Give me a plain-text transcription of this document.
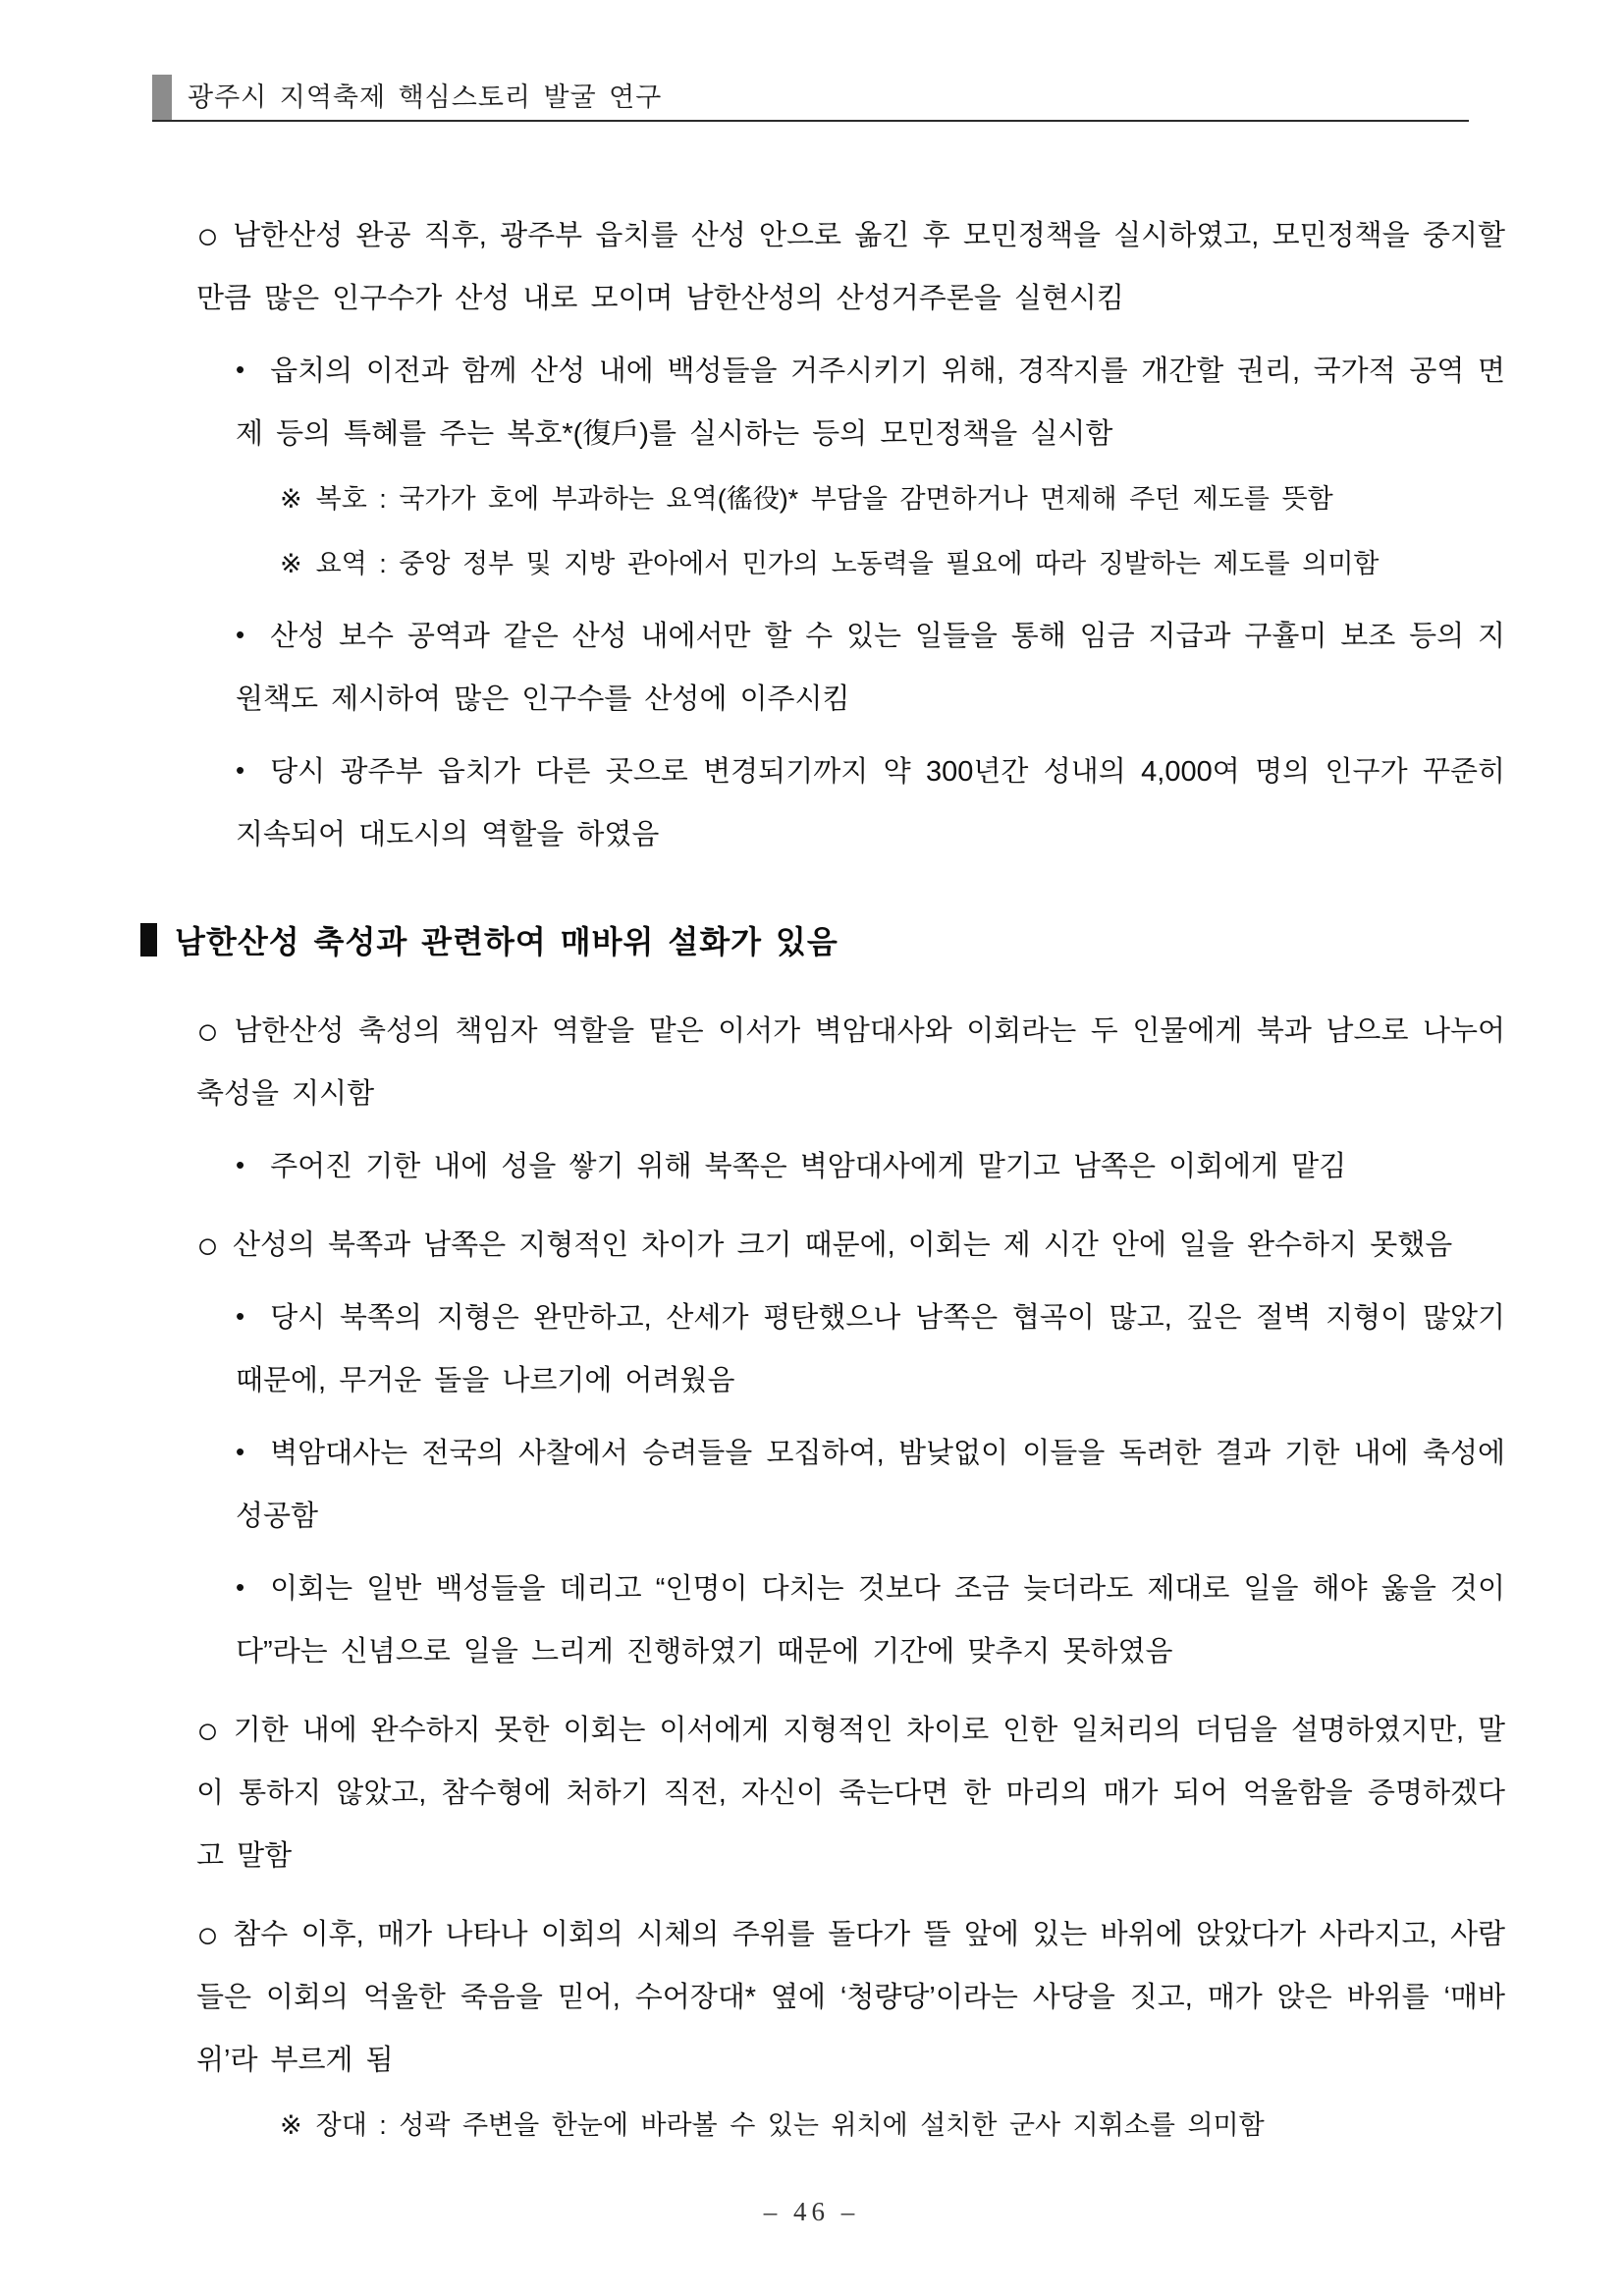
광주시 지역축제 핵심스토리 발굴 연구

○ 남한산성 완공 직후, 광주부 읍치를 산성 안으로 옮긴 후 모민정책을 실시하였고, 모민정책을 중지할만큼 많은 인구수가 산성 내로 모이며 남한산성의 산성거주론을 실현시킴

• 읍치의 이전과 함께 산성 내에 백성들을 거주시키기 위해, 경작지를 개간할 권리, 국가적 공역 면제 등의 특혜를 주는 복호*(復戶)를 실시하는 등의 모민정책을 실시함

※ 복호 : 국가가 호에 부과하는 요역(徭役)* 부담을 감면하거나 면제해 주던 제도를 뜻함

※ 요역 : 중앙 정부 및 지방 관아에서 민가의 노동력을 필요에 따라 징발하는 제도를 의미함

• 산성 보수 공역과 같은 산성 내에서만 할 수 있는 일들을 통해 임금 지급과 구휼미 보조 등의 지원책도 제시하여 많은 인구수를 산성에 이주시킴

• 당시 광주부 읍치가 다른 곳으로 변경되기까지 약 300년간 성내의 4,000여 명의 인구가 꾸준히 지속되어 대도시의 역할을 하였음

남한산성 축성과 관련하여 매바위 설화가 있음

○ 남한산성 축성의 책임자 역할을 맡은 이서가 벽암대사와 이회라는 두 인물에게 북과 남으로 나누어 축성을 지시함

• 주어진 기한 내에 성을 쌓기 위해 북쪽은 벽암대사에게 맡기고 남쪽은 이회에게 맡김

○ 산성의 북쪽과 남쪽은 지형적인 차이가 크기 때문에, 이회는 제 시간 안에 일을 완수하지 못했음

• 당시 북쪽의 지형은 완만하고, 산세가 평탄했으나 남쪽은 협곡이 많고, 깊은 절벽 지형이 많았기 때문에, 무거운 돌을 나르기에 어려웠음

• 벽암대사는 전국의 사찰에서 승려들을 모집하여, 밤낮없이 이들을 독려한 결과 기한 내에 축성에 성공함

• 이회는 일반 백성들을 데리고 “인명이 다치는 것보다 조금 늦더라도 제대로 일을 해야 옳을 것이다”라는 신념으로 일을 느리게 진행하였기 때문에 기간에 맞추지 못하였음

○ 기한 내에 완수하지 못한 이회는 이서에게 지형적인 차이로 인한 일처리의 더딤을 설명하였지만, 말이 통하지 않았고, 참수형에 처하기 직전, 자신이 죽는다면 한 마리의 매가 되어 억울함을 증명하겠다고 말함

○ 참수 이후, 매가 나타나 이회의 시체의 주위를 돌다가 뜰 앞에 있는 바위에 앉았다가 사라지고, 사람들은 이회의 억울한 죽음을 믿어, 수어장대* 옆에 ‘청량당’이라는 사당을 짓고, 매가 앉은 바위를 ‘매바위’라 부르게 됨

※ 장대 : 성곽 주변을 한눈에 바라볼 수 있는 위치에 설치한 군사 지휘소를 의미함

– 46 –
